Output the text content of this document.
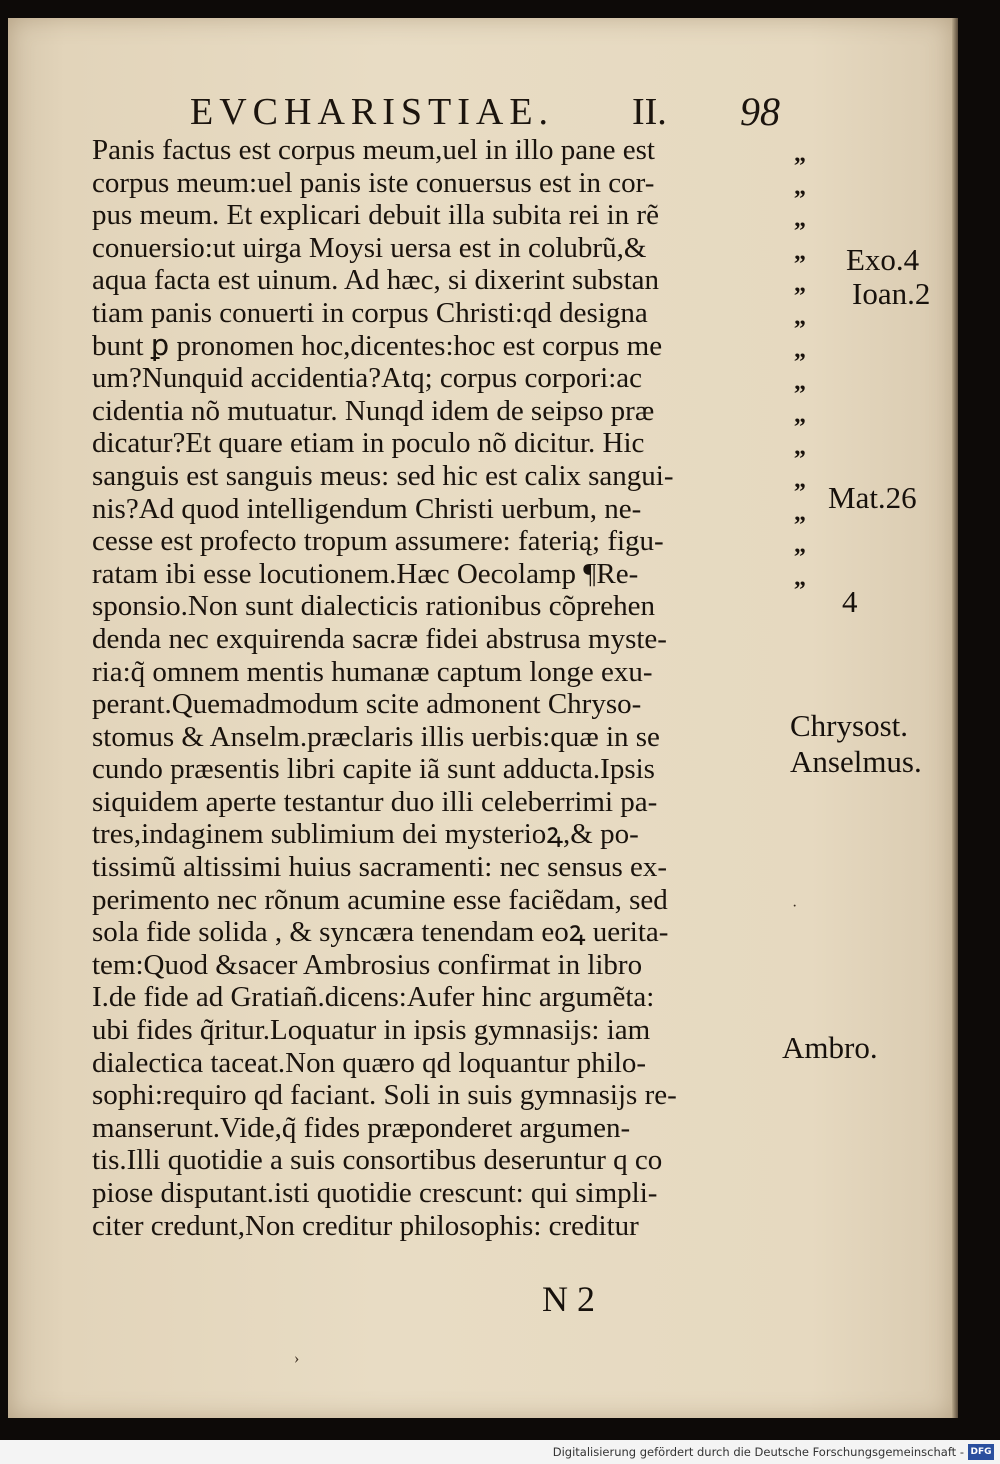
EVCHARISTIAE. II. 98
Panis factus est corpus meum,uel in illo pane est
corpus meum:uel panis iste conuersus est in cor-
pus meum. Et explicari debuit illa subita rei in rẽ
conuersio:ut uirga Moysi uersa est in colubrũ,&
aqua facta est uinum. Ad hæc, si dixerint substan
tiam panis conuerti in corpus Christi:qd designa
bunt ꝑ pronomen hoc,dicentes:hoc est corpus me
um?Nunquid accidentia?Atq; corpus corpori:ac
cidentia nõ mutuatur. Nunqd idem de seipso præ
dicatur?Et quare etiam in poculo nõ dicitur. Hic
sanguis est sanguis meus: sed hic est calix sangui-
nis?Ad quod intelligendum Christi uerbum, ne-
cesse est profecto tropum assumere: faterią; figu-
ratam ibi esse locutionem.Hæc Oecolamp ¶Re-
sponsio.Non sunt dialecticis rationibus cõprehen
denda nec exquirenda sacræ fidei abstrusa myste-
ria:q̃ omnem mentis humanæ captum longe exu-
perant.Quemadmodum scite admonent Chryso-
stomus & Anselm.præclaris illis uerbis:quæ in se
cundo præsentis libri capite iã sunt adducta.Ipsis
siquidem aperte testantur duo illi celeberrimi pa-
tres,indaginem sublimium dei mysterioꝝ,& po-
tissimũ altissimi huius sacramenti: nec sensus ex-
perimento nec rõnum acumine esse faciẽdam, sed
sola fide solida , & syncæra tenendam eoꝝ uerita-
tem:Quod &sacer Ambrosius confirmat in libro
I.de fide ad Gratiañ.dicens:Aufer hinc argumẽta:
ubi fides q̃ritur.Loquatur in ipsis gymnasijs: iam
dialectica taceat.Non quæro qd loquantur philo-
sophi:requiro qd faciant. Soli in suis gymnasijs re-
manserunt.Vide,q̃ fides præponderet argumen-
tis.Illi quotidie a suis consortibus deseruntur q co
piose disputant.isti quotidie crescunt: qui simpli-
citer credunt,Non creditur philosophis: creditur
„
„
„
„
„
„
„
„
„
„
„
„
„
„
Exo.4
Ioan.2
Mat.26
4
Chrysost.
Anselmus.
Ambro.
N 2
·
›
Digitalisierung gefördert durch die Deutsche Forschungsgemeinschaft - DFG
